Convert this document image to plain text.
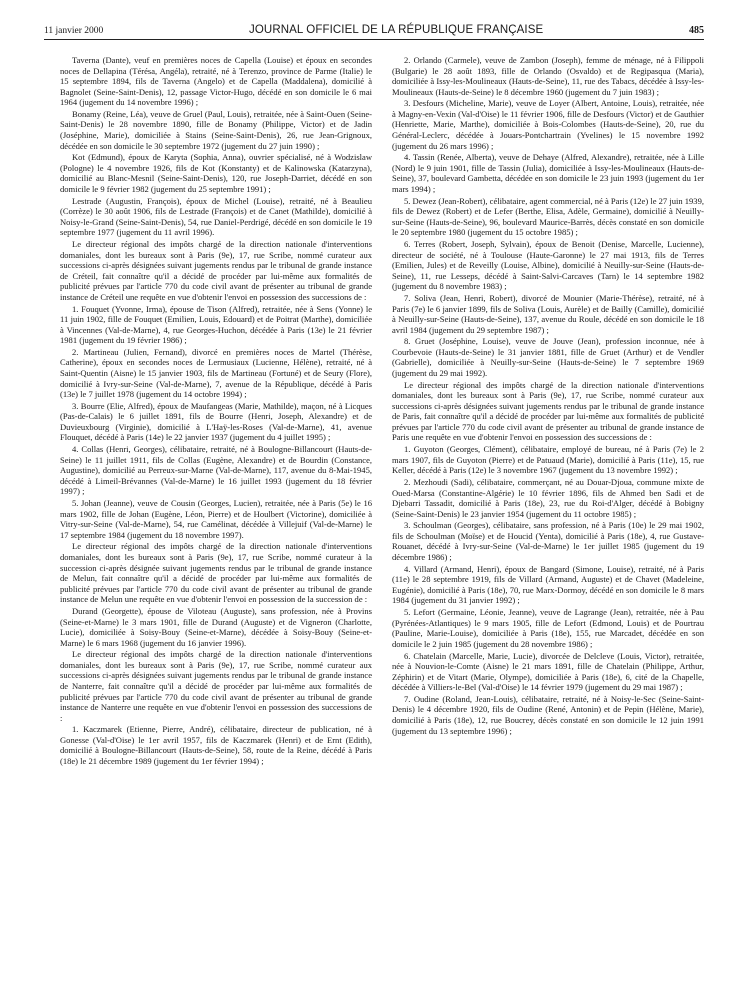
11 janvier 2000	JOURNAL OFFICIEL DE LA RÉPUBLIQUE FRANÇAISE	485

Taverna (Dante), veuf en premières noces de Capella (Louise) et époux en secondes noces de Dellapina (Térésa, Angéla), retraité, né à Terenzo, province de Parme (Italie) le 15 septembre 1894, fils de Taverna (Angelo) et de Capella (Maddalena), domicilié à Bagnolet (Seine-Saint-Denis), 12, passage Victor-Hugo, décédé en son domicile le 6 mai 1964 (jugement du 14 novembre 1996) ;

Bonamy (Reine, Léa), veuve de Gruel (Paul, Louis), retraitée, née à Saint-Ouen (Seine-Saint-Denis) le 28 novembre 1890, fille de Bonamy (Philippe, Victor) et de Jadin (Joséphine, Marie), domiciliée à Stains (Seine-Saint-Denis), 26, rue Jean-Grignoux, décédée en son domicile le 30 septembre 1972 (jugement du 27 juin 1990) ;

Kot (Edmund), époux de Karyta (Sophia, Anna), ouvrier spécialisé, né à Wodzislaw (Pologne) le 4 novembre 1926, fils de Kot (Konstanty) et de Kalinowska (Katarzyna), domicilié au Blanc-Mesnil (Seine-Saint-Denis), 120, rue Joseph-Darriet, décédé en son domicile le 9 février 1982 (jugement du 25 septembre 1991) ;

Lestrade (Augustin, François), époux de Michel (Louise), retraité, né à Beaulieu (Corrèze) le 30 août 1906, fils de Lestrade (François) et de Canet (Mathilde), domicilié à Noisy-le-Grand (Seine-Saint-Denis), 54, rue Daniel-Perdrigé, décédé en son domicile le 19 septembre 1977 (jugement du 11 avril 1996).

Le directeur régional des impôts chargé de la direction nationale d'interventions domaniales, dont les bureaux sont à Paris (9e), 17, rue Scribe, nommé curateur aux successions ci-après désignées suivant jugements rendus par le tribunal de grande instance de Créteil, fait connaître qu'il a décidé de procéder par lui-même aux formalités de publicité prévues par l'article 770 du code civil avant de présenter au tribunal de grande instance de Créteil une requête en vue d'obtenir l'envoi en possession des successions de :

1. Fouquet (Yvonne, Irma), épouse de Tison (Alfred), retraitée, née à Sens (Yonne) le 11 juin 1902, fille de Fouquet (Emilien, Louis, Edouard) et de Poitrat (Marthe), domiciliée à Vincennes (Val-de-Marne), 4, rue Georges-Huchon, décédée à Paris (13e) le 21 février 1981 (jugement du 19 février 1986) ;

2. Martineau (Julien, Fernand), divorcé en premières noces de Martel (Thérèse, Catherine), époux en secondes noces de Lermusiaux (Lucienne, Hélène), retraité, né à Saint-Quentin (Aisne) le 15 janvier 1903, fils de Martineau (Fortuné) et de Seury (Flore), domicilié à Ivry-sur-Seine (Val-de-Marne), 7, avenue de la République, décédé à Paris (13e) le 7 juillet 1978 (jugement du 14 octobre 1994) ;

3. Bourre (Elie, Alfred), époux de Maufangeas (Marie, Mathilde), maçon, né à Licques (Pas-de-Calais) le 6 juillet 1891, fils de Bourre (Henri, Joseph, Alexandre) et de Duvieuxbourg (Virginie), domicilié à L'Haÿ-les-Roses (Val-de-Marne), 41, avenue Flouquet, décédé à Paris (14e) le 22 janvier 1937 (jugement du 4 juillet 1995) ;

4. Collas (Henri, Georges), célibataire, retraité, né à Boulogne-Billancourt (Hauts-de-Seine) le 11 juillet 1911, fils de Collas (Eugène, Alexandre) et de Bourdin (Constance, Augustine), domicilié au Perreux-sur-Marne (Val-de-Marne), 117, avenue du 8-Mai-1945, décédé à Limeil-Brévannes (Val-de-Marne) le 16 juillet 1993 (jugement du 18 février 1997) ;

5. Johan (Jeanne), veuve de Cousin (Georges, Lucien), retraitée, née à Paris (5e) le 16 mars 1902, fille de Johan (Eugène, Léon, Pierre) et de Houlbert (Victorine), domiciliée à Vitry-sur-Seine (Val-de-Marne), 54, rue Camélinat, décédée à Villejuif (Val-de-Marne) le 17 septembre 1984 (jugement du 18 novembre 1997).

Le directeur régional des impôts chargé de la direction nationale d'interventions domaniales, dont les bureaux sont à Paris (9e), 17, rue Scribe, nommé curateur à la succession ci-après désignée suivant jugements rendus par le tribunal de grande instance de Melun, fait connaître qu'il a décidé de procéder par lui-même aux formalités de publicité prévues par l'article 770 du code civil avant de présenter au tribunal de grande instance de Melun une requête en vue d'obtenir l'envoi en possession de la succession de :

Durand (Georgette), épouse de Viloteau (Auguste), sans profession, née à Provins (Seine-et-Marne) le 3 mars 1901, fille de Durand (Auguste) et de Vigneron (Charlotte, Lucie), domiciliée à Soisy-Bouy (Seine-et-Marne), décédée à Soisy-Bouy (Seine-et-Marne) le 6 mars 1968 (jugement du 16 janvier 1996).

Le directeur régional des impôts chargé de la direction nationale d'interventions domaniales, dont les bureaux sont à Paris (9e), 17, rue Scribe, nommé curateur aux successions ci-après désignées suivant jugements rendus par le tribunal de grande instance de Nanterre, fait connaître qu'il a décidé de procéder par lui-même aux formalités de publicité prévues par l'article 770 du code civil avant de présenter au tribunal de grande instance de Nanterre une requête en vue d'obtenir l'envoi en possession des successions de :

1. Kaczmarek (Etienne, Pierre, André), célibataire, directeur de publication, né à Gonesse (Val-d'Oise) le 1er avril 1957, fils de Kaczmarek (Henri) et de Ernt (Edith), domicilié à Boulogne-Billancourt (Hauts-de-Seine), 58, route de la Reine, décédé à Paris (18e) le 21 décembre 1989 (jugement du 1er février 1994) ;

2. Orlando (Carmele), veuve de Zambon (Joseph), femme de ménage, né à Filippoli (Bulgarie) le 28 août 1893, fille de Orlando (Osvaldo) et de Regipasqua (Maria), domiciliée à Issy-les-Moulineaux (Hauts-de-Seine), 11, rue des Tabacs, décédée à Issy-les-Moulineaux (Hauts-de-Seine) le 8 décembre 1960 (jugement du 7 juin 1983) ;

3. Desfours (Micheline, Marie), veuve de Loyer (Albert, Antoine, Louis), retraitée, née à Magny-en-Vexin (Val-d'Oise) le 11 février 1906, fille de Desfours (Victor) et de Gauthier (Henriette, Marie, Marthe), domiciliée à Bois-Colombes (Hauts-de-Seine), 20, rue du Général-Leclerc, décédée à Jouars-Pontchartrain (Yvelines) le 15 novembre 1992 (jugement du 26 mars 1996) ;

4. Tassin (Renée, Alberta), veuve de Dehaye (Alfred, Alexandre), retraitée, née à Lille (Nord) le 9 juin 1901, fille de Tassin (Julia), domiciliée à Issy-les-Moulineaux (Hauts-de-Seine), 37, boulevard Gambetta, décédée en son domicile le 23 juin 1993 (jugement du 1er mars 1994) ;

5. Dewez (Jean-Robert), célibataire, agent commercial, né à Paris (12e) le 27 juin 1939, fils de Dewez (Robert) et de Lefer (Berthe, Elisa, Adèle, Germaine), domicilié à Neuilly-sur-Seine (Hauts-de-Seine), 96, boulevard Maurice-Barrès, décès constaté en son domicile le 20 septembre 1980 (jugement du 15 octobre 1985) ;

6. Terres (Robert, Joseph, Sylvain), époux de Benoit (Denise, Marcelle, Lucienne), directeur de société, né à Toulouse (Haute-Garonne) le 27 mai 1913, fils de Terres (Emilien, Jules) et de Reveilly (Louise, Albine), domicilié à Neuilly-sur-Seine (Hauts-de-Seine), 11, rue Lesseps, décédé à Saint-Salvi-Carcaves (Tarn) le 14 septembre 1982 (jugement du 8 novembre 1983) ;

7. Soliva (Jean, Henri, Robert), divorcé de Mounier (Marie-Thérèse), retraité, né à Paris (7e) le 6 janvier 1899, fils de Soliva (Louis, Aurèle) et de Bailly (Camille), domicilié à Neuilly-sur-Seine (Hauts-de-Seine), 137, avenue du Roule, décédé en son domicile le 18 avril 1984 (jugement du 29 septembre 1987) ;

8. Gruet (Joséphine, Louise), veuve de Jouve (Jean), profession inconnue, née à Courbevoie (Hauts-de-Seine) le 31 janvier 1881, fille de Gruet (Arthur) et de Vendler (Gabrielle), domiciliée à Neuilly-sur-Seine (Hauts-de-Seine) le 7 septembre 1969 (jugement du 29 mai 1992).

Le directeur régional des impôts chargé de la direction nationale d'interventions domaniales, dont les bureaux sont à Paris (9e), 17, rue Scribe, nommé curateur aux successions ci-après désignées suivant jugements rendus par le tribunal de grande instance de Paris, fait connaître qu'il a décidé de procéder par lui-même aux formalités de publicité prévues par l'article 770 du code civil avant de présenter au tribunal de grande instance de Paris une requête en vue d'obtenir l'envoi en possession des successions de :

1. Guyoton (Georges, Clément), célibataire, employé de bureau, né à Paris (7e) le 2 mars 1907, fils de Guyoton (Pierre) et de Patuaud (Marie), domicilié à Paris (11e), 15, rue Keller, décédé à Paris (12e) le 3 novembre 1967 (jugement du 13 novembre 1992) ;

2. Mezhoudi (Sadi), célibataire, commerçant, né au Douar-Djoua, commune mixte de Oued-Marsa (Constantine-Algérie) le 10 février 1896, fils de Ahmed ben Sadi et de Djebarri Tassadit, domicilié à Paris (18e), 23, rue du Roi-d'Alger, décédé à Bobigny (Seine-Saint-Denis) le 23 janvier 1954 (jugement du 11 octobre 1985) ;

3. Schoulman (Georges), célibataire, sans profession, né à Paris (10e) le 29 mai 1902, fils de Schoulman (Moïse) et de Houcid (Yenta), domicilié à Paris (18e), 4, rue Gustave-Rouanet, décédé à Ivry-sur-Seine (Val-de-Marne) le 1er juillet 1985 (jugement du 19 décembre 1986) ;

4. Villard (Armand, Henri), époux de Bangard (Simone, Louise), retraité, né à Paris (11e) le 28 septembre 1919, fils de Villard (Armand, Auguste) et de Chavet (Madeleine, Eugénie), domicilié à Paris (18e), 70, rue Marx-Dormoy, décédé en son domicile le 8 mars 1984 (jugement du 31 janvier 1992) ;

5. Lefort (Germaine, Léonie, Jeanne), veuve de Lagrange (Jean), retraitée, née à Pau (Pyrénées-Atlantiques) le 9 mars 1905, fille de Lefort (Edmond, Louis) et de Pourtrau (Pauline, Marie-Louise), domiciliée à Paris (18e), 155, rue Marcadet, décédée en son domicile le 2 juin 1985 (jugement du 28 novembre 1986) ;

6. Chatelain (Marcelle, Marie, Lucie), divorcée de Delcleve (Louis, Victor), retraitée, née à Nouvion-le-Comte (Aisne) le 21 mars 1891, fille de Chatelain (Philippe, Arthur, Zéphirin) et de Vitart (Marie, Olympe), domiciliée à Paris (18e), 6, cité de la Chapelle, décédée à Villiers-le-Bel (Val-d'Oise) le 14 février 1979 (jugement du 29 mai 1987) ;

7. Oudine (Roland, Jean-Louis), célibataire, retraité, né à Noisy-le-Sec (Seine-Saint-Denis) le 4 décembre 1920, fils de Oudine (René, Antonin) et de Pepin (Hélène, Marie), domicilié à Paris (18e), 12, rue Boucrey, décès constaté en son domicile le 12 juin 1991 (jugement du 13 septembre 1996) ;
